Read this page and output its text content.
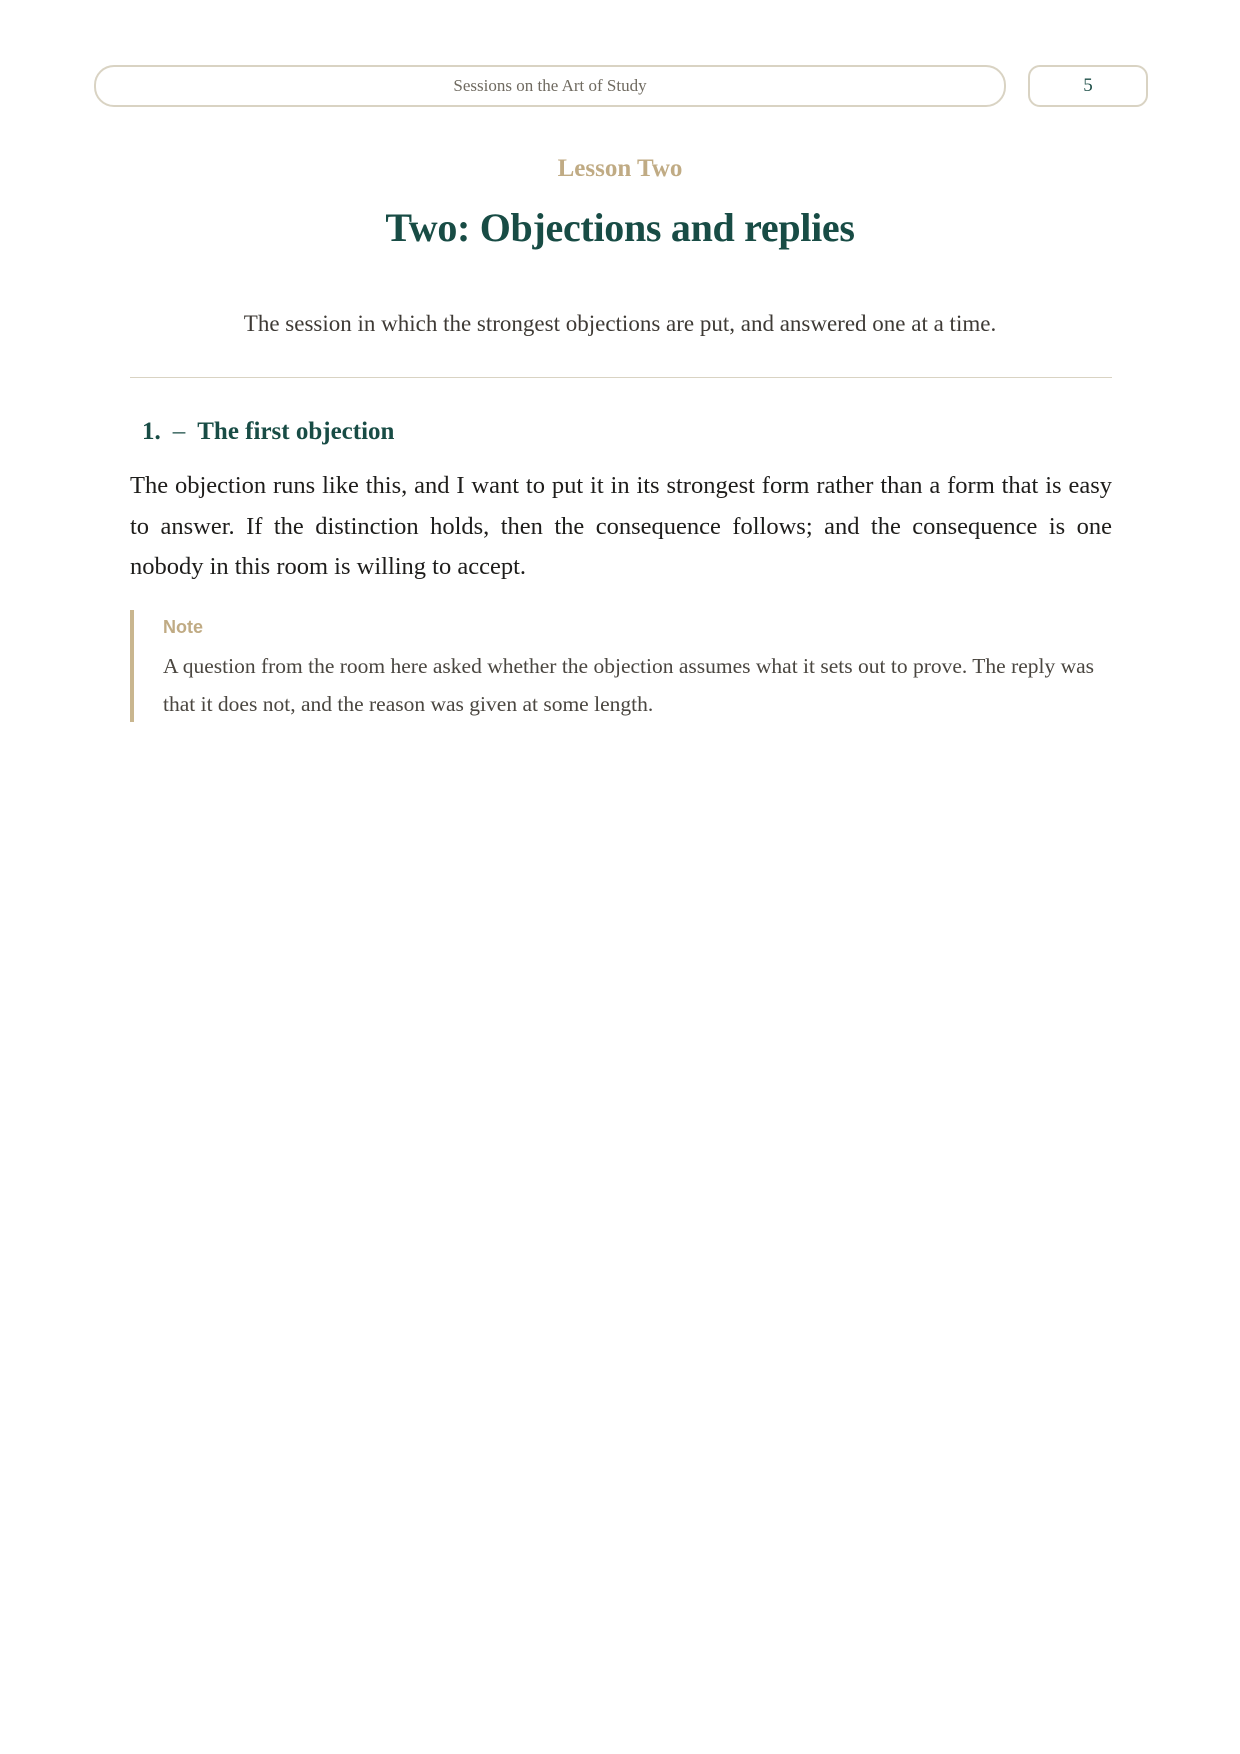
Sessions on the Art of Study	5
Lesson Two
Two: Objections and replies
The session in which the strongest objections are put, and answered one at a time.
1. – The first objection

The objection runs like this, and I want to put it in its strongest form rather than a form that is easy to answer. If the distinction holds, then the consequence follows; and the consequence is one nobody in this room is willing to accept.

Note
A question from the room here asked whether the objection assumes what it sets out to prove. The reply was that it does not, and the reason was given at some length.
